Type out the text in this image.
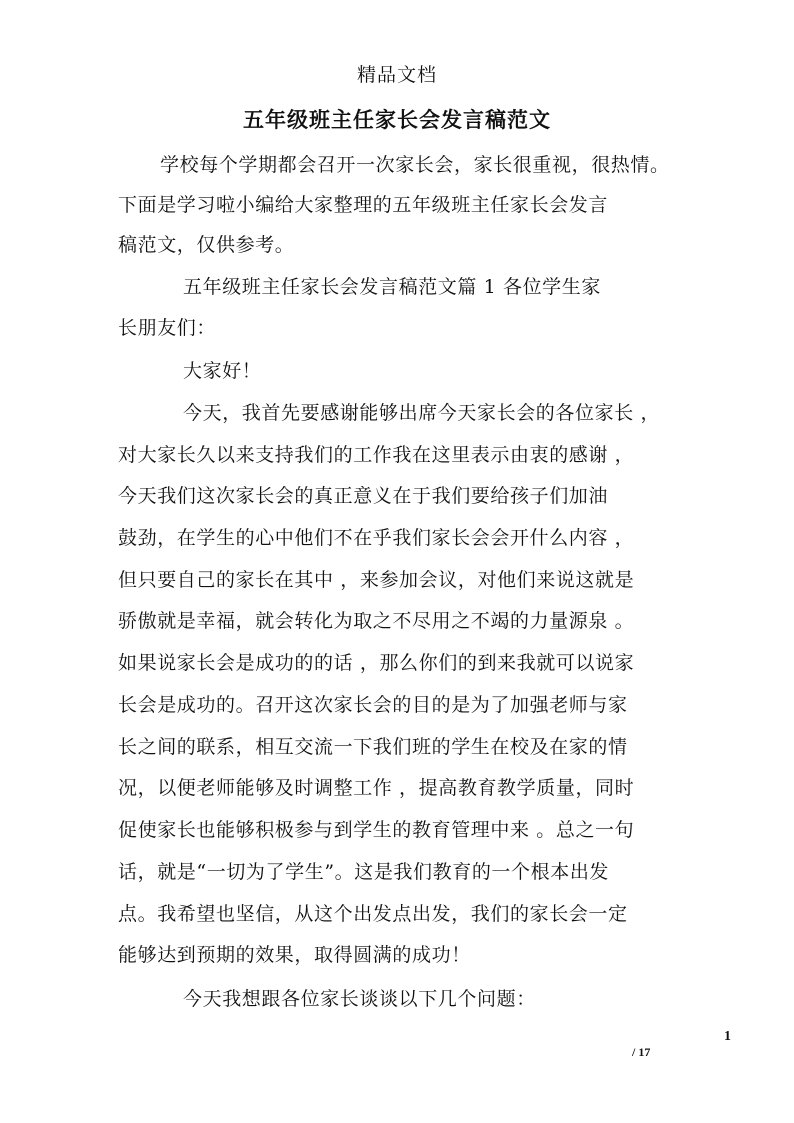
精品文档
五年级班主任家长会发言稿范文
学校每个学期都会召开一次家长会，家长很重视，很热情。
下面是学习啦小编给大家整理的五年级班主任家长会发言
稿范文，仅供参考。
五年级班主任家长会发言稿范文篇 1 各位学生家
长朋友们：
大家好！
今天，我首先要感谢能够出席今天家长会的各位家长 ，
对大家长久以来支持我们的工作我在这里表示由衷的感谢 ，
今天我们这次家长会的真正意义在于我们要给孩子们加油
鼓劲，在学生的心中他们不在乎我们家长会会开什么内容 ，
但只要自己的家长在其中 ，来参加会议，对他们来说这就是
骄傲就是幸福，就会转化为取之不尽用之不竭的力量源泉 。
如果说家长会是成功的的话 ，那么你们的到来我就可以说家
长会是成功的。召开这次家长会的目的是为了加强老师与家
长之间的联系，相互交流一下我们班的学生在校及在家的情
况，以便老师能够及时调整工作 ，提高教育教学质量，同时
促使家长也能够积极参与到学生的教育管理中来 。总之一句
话，就是“一切为了学生”。这是我们教育的一个根本出发
点。我希望也坚信，从这个出发点出发，我们的家长会一定
能够达到预期的效果，取得圆满的成功！
今天我想跟各位家长谈谈以下几个问题：
1
/ 17
